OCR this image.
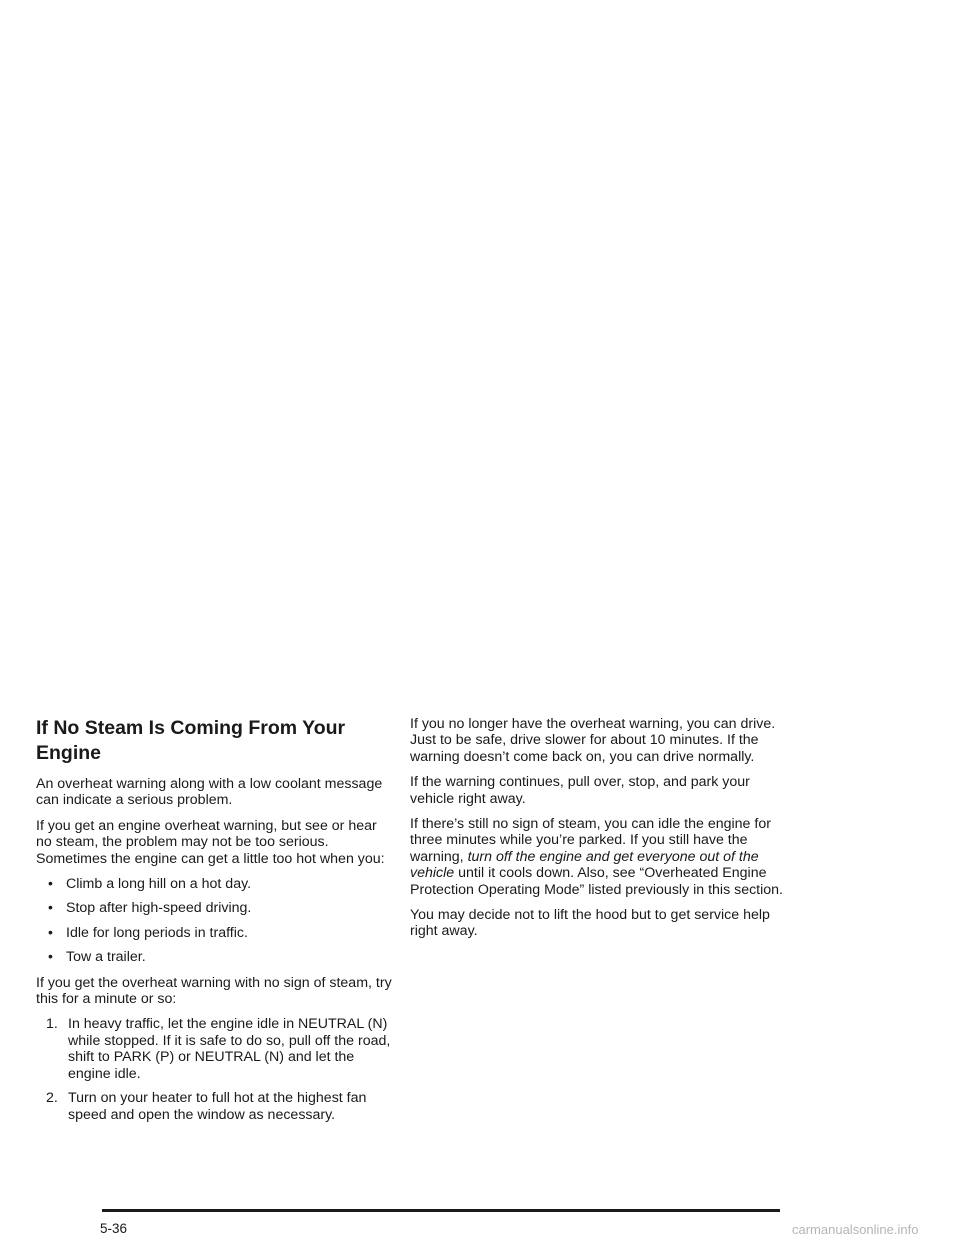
If No Steam Is Coming From Your Engine

An overheat warning along with a low coolant message can indicate a serious problem.

If you get an engine overheat warning, but see or hear no steam, the problem may not be too serious. Sometimes the engine can get a little too hot when you:

• Climb a long hill on a hot day.
• Stop after high-speed driving.
• Idle for long periods in traffic.
• Tow a trailer.

If you get the overheat warning with no sign of steam, try this for a minute or so:

1. In heavy traffic, let the engine idle in NEUTRAL (N) while stopped. If it is safe to do so, pull off the road, shift to PARK (P) or NEUTRAL (N) and let the engine idle.
2. Turn on your heater to full hot at the highest fan speed and open the window as necessary.

If you no longer have the overheat warning, you can drive. Just to be safe, drive slower for about 10 minutes. If the warning doesn’t come back on, you can drive normally.

If the warning continues, pull over, stop, and park your vehicle right away.

If there’s still no sign of steam, you can idle the engine for three minutes while you’re parked. If you still have the warning, turn off the engine and get everyone out of the vehicle until it cools down. Also, see “Overheated Engine Protection Operating Mode” listed previously in this section.

You may decide not to lift the hood but to get service help right away.

5-36	carmanualsonline.info
